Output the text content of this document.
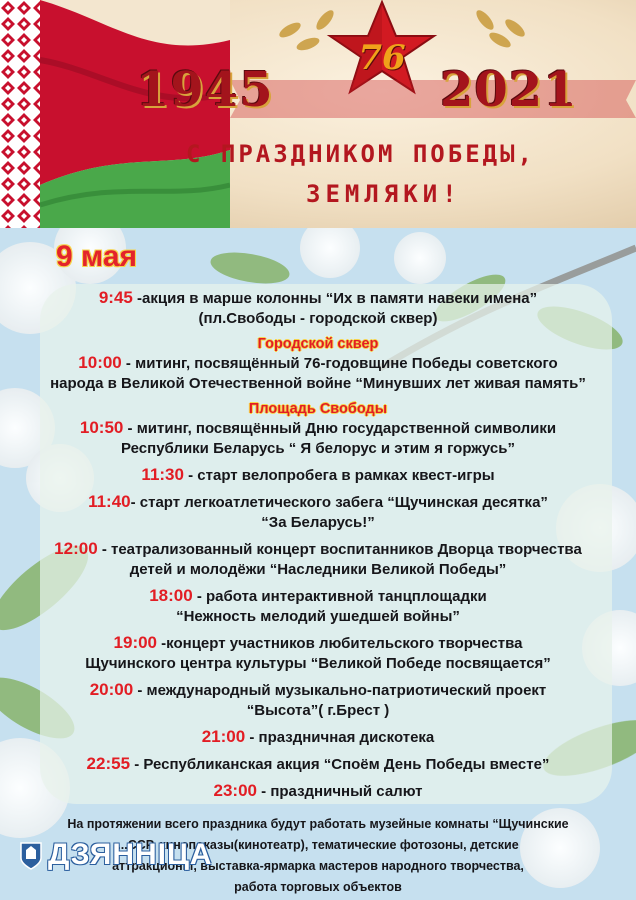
1945
76
2021
С ПРАЗДНИКОМ ПОБЕДЫ,
ЗЕМЛЯКИ!
9 мая
9:45 -акция в марше колонны “Их в памяти навеки имена”
(пл.Свободы - городской сквер)
Городской сквер
10:00 - митинг, посвящённый 76-годовщине Победы советского
народа в Великой Отечественной войне “Минувших лет живая память”
Площадь Свободы
10:50 - митинг, посвящённый Дню государственной символики
Республики Беларусь “ Я белорус и этим я горжусь”
11:30 - старт велопробега в рамках квест-игры
11:40- старт легкоатлетического забега “Щучинская десятка”
“За Беларусь!”
12:00 - театрализованный концерт воспитанников Дворца творчества
детей и молодёжи “Наследники Великой Победы”
18:00 - работа интерактивной танцплощадки
“Нежность мелодий ушедшей войны”
19:00 -концерт участников любительского творчества
Щучинского центра культуры “Великой Победе посвящается”
20:00 - международный музыкально-патриотический проект
“Высота”( г.Брест )
21:00 - праздничная дискотека
22:55 - Республиканская акция “Споём День Победы вместе”
23:00 - праздничный салют
На протяжении всего праздника будут работать музейные комнаты “Щучинские
...ССР, кинопоказы(кинотеатр), тематические фотозоны, детские
аттракционы, выставка-ярмарка мастеров народного творчества,
работа торговых объектов
ДЗЯННІЦА
